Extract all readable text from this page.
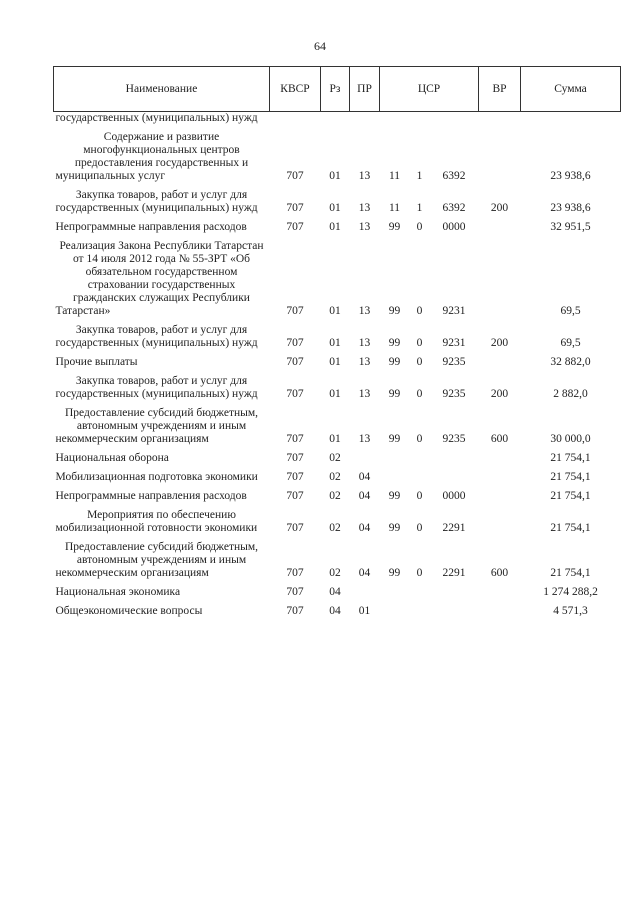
64
Наименование	КВСР	Рз	ПР	ЦСР			ВР	Сумма
государственных (муниципальных) нужд								
Содержание и развитие многофункциональных центров предоставления государственных и муниципальных услуг	707	01	13	11	1	6392		23 938,6
Закупка товаров, работ и услуг для государственных (муниципальных) нужд	707	01	13	11	1	6392	200	23 938,6
Непрограммные направления расходов	707	01	13	99	0	0000		32 951,5
Реализация Закона Республики Татарстан от 14 июля 2012 года № 55-ЗРТ «Об обязательном государственном страховании государственных гражданских служащих Республики Татарстан»	707	01	13	99	0	9231		69,5
Закупка товаров, работ и услуг для государственных (муниципальных) нужд	707	01	13	99	0	9231	200	69,5
Прочие выплаты	707	01	13	99	0	9235		32 882,0
Закупка товаров, работ и услуг для государственных (муниципальных) нужд	707	01	13	99	0	9235	200	2 882,0
Предоставление субсидий бюджетным, автономным учреждениям и иным некоммерческим организациям	707	01	13	99	0	9235	600	30 000,0
Национальная оборона	707	02						21 754,1
Мобилизационная подготовка экономики	707	02	04					21 754,1
Непрограммные направления расходов	707	02	04	99	0	0000		21 754,1
Мероприятия по обеспечению мобилизационной готовности экономики	707	02	04	99	0	2291		21 754,1
Предоставление субсидий бюджетным, автономным учреждениям и иным некоммерческим организациям	707	02	04	99	0	2291	600	21 754,1
Национальная экономика	707	04						1 274 288,2
Общеэкономические вопросы	707	04	01					4 571,3
